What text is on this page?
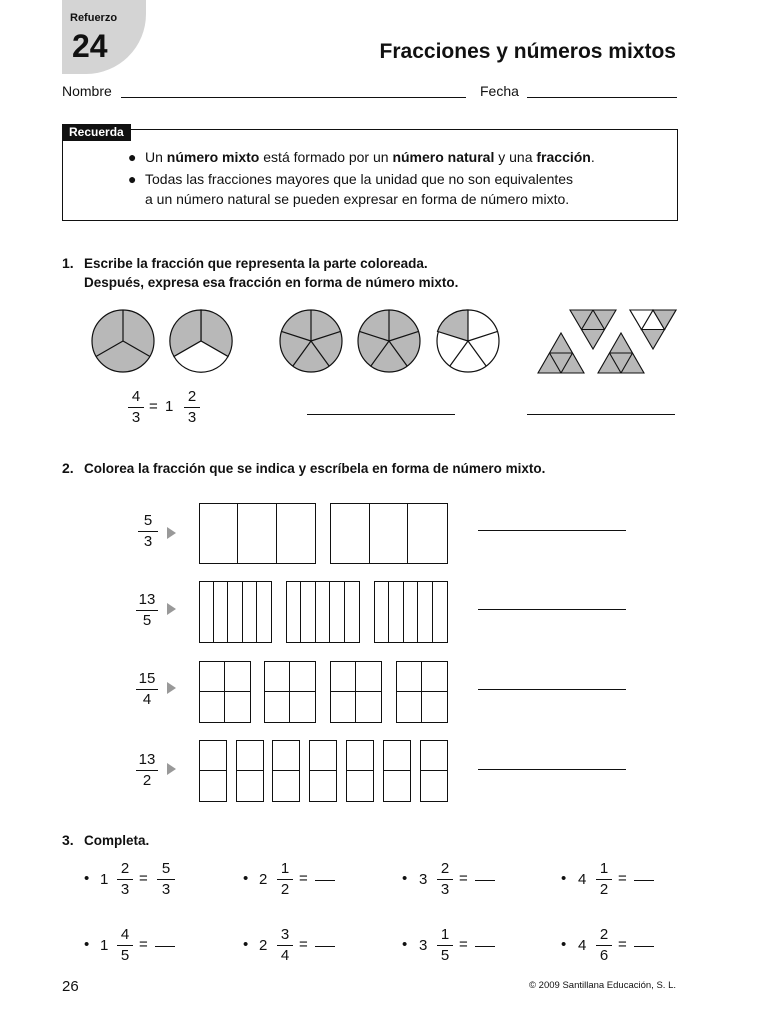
Refuerzo
24	Fracciones y números mixtos
Nombre	Fecha
Recuerda
● Un número mixto está formado por un número natural y una fracción.
● Todas las fracciones mayores que la unidad que no son equivalentes
a un número natural se pueden expresar en forma de número mixto.
1. Escribe la fracción que representa la parte coloreada.
Después, expresa esa fracción en forma de número mixto.
4
3
= 1
2
3
2. Colorea la fracción que se indica y escríbela en forma de número mixto.
5
3
13
5
15
4
13
2
3. Completa.
• 1
2
3
=
5
3
• 2
1
2
=	• 3
2
3
=	• 4
1
2
=
• 1
4
5
=	• 2
3
4
=	• 3
1
5
=	• 4
2
6
=
26	© 2009 Santillana Educación, S. L.
